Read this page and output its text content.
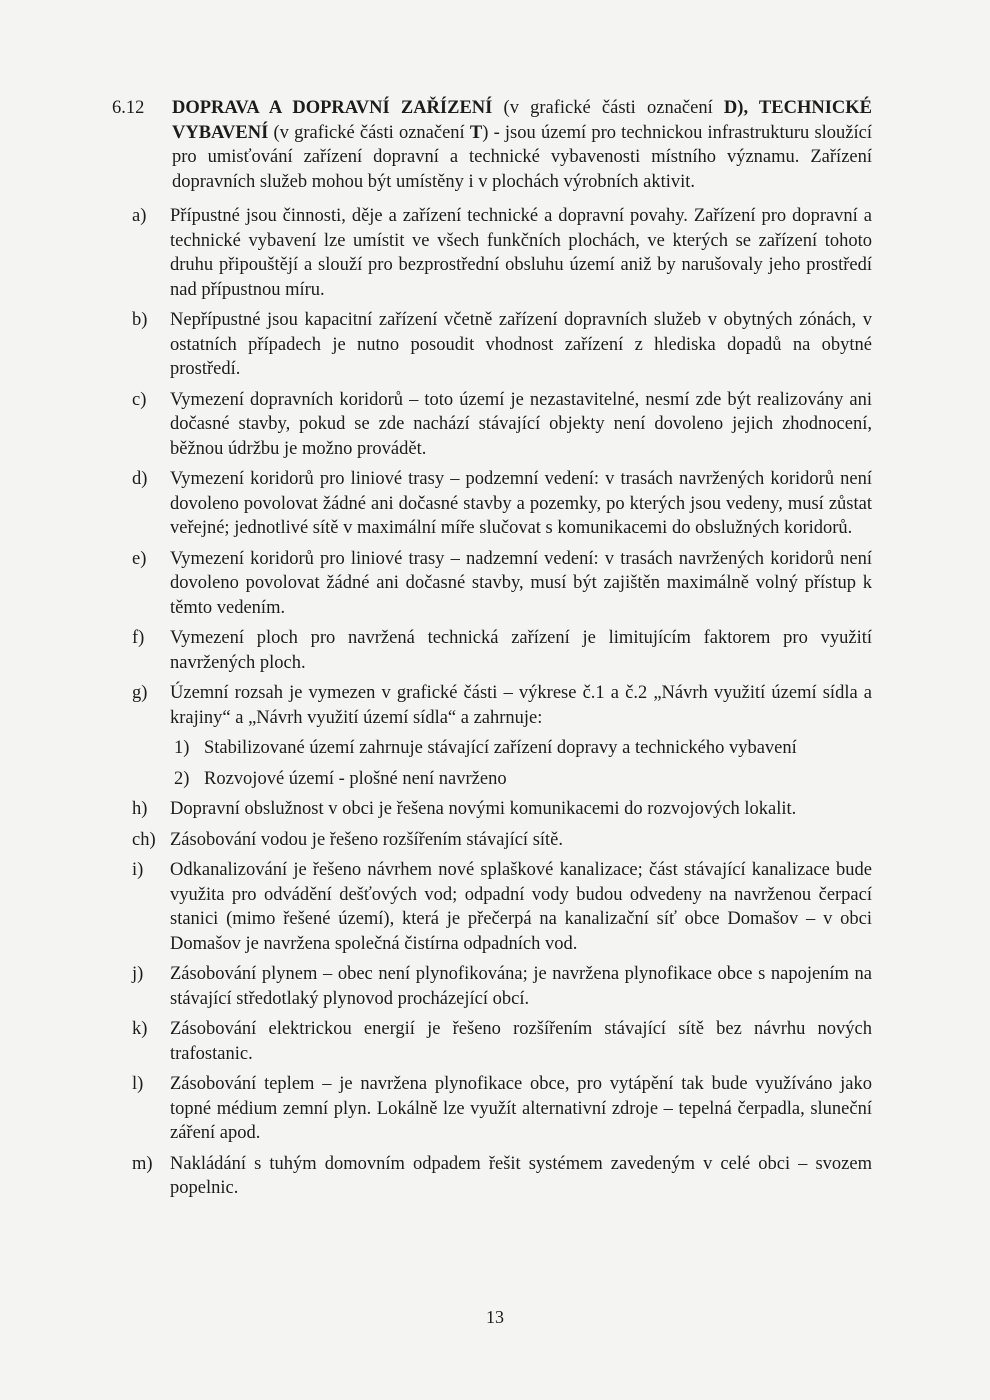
6.12	DOPRAVA A DOPRAVNÍ ZAŘÍZENÍ (v grafické části označení D), TECHNICKÉ VYBAVENÍ (v grafické části označení T) - jsou území pro technickou infrastrukturu sloužící pro umisťování zařízení dopravní a technické vybavenosti místního významu. Zařízení dopravních služeb mohou být umístěny i v plochách výrobních aktivit.
a)	Přípustné jsou činnosti, děje a zařízení technické a dopravní povahy. Zařízení pro dopravní a technické vybavení lze umístit ve všech funkčních plochách, ve kterých se zařízení tohoto druhu připouštějí a slouží pro bezprostřední obsluhu území aniž by narušovaly jeho prostředí nad přípustnou míru.
b)	Nepřípustné jsou kapacitní zařízení včetně zařízení dopravních služeb v obytných zónách, v ostatních případech je nutno posoudit vhodnost zařízení z hlediska dopadů na obytné prostředí.
c)	Vymezení dopravních koridorů – toto území je nezastavitelné, nesmí zde být realizovány ani dočasné stavby, pokud se zde nachází stávající objekty není dovoleno jejich zhodnocení, běžnou údržbu je možno provádět.
d)	Vymezení koridorů pro liniové trasy – podzemní vedení: v trasách navržených koridorů není dovoleno povolovat žádné ani dočasné stavby a pozemky, po kterých jsou vedeny, musí zůstat veřejné; jednotlivé sítě v maximální míře slučovat s komunikacemi do obslužných koridorů.
e)	Vymezení koridorů pro liniové trasy – nadzemní vedení: v trasách navržených koridorů není dovoleno povolovat žádné ani dočasné stavby, musí být zajištěn maximálně volný přístup k těmto vedením.
f)	Vymezení ploch pro navržená technická zařízení je limitujícím faktorem pro využití navržených ploch.
g)	Územní rozsah je vymezen v grafické části – výkrese č.1 a č.2 „Návrh využití území sídla a krajiny“ a „Návrh využití území sídla“ a zahrnuje:
1) Stabilizované území zahrnuje stávající zařízení dopravy a technického vybavení
2) Rozvojové území - plošné není navrženo
h)	Dopravní obslužnost v obci je řešena novými komunikacemi do rozvojových lokalit.
ch) Zásobování vodou je řešeno rozšířením stávající sítě.
i)	Odkanalizování je řešeno návrhem nové splaškové kanalizace; část stávající kanalizace bude využita pro odvádění dešťových vod; odpadní vody budou odvedeny na navrženou čerpací stanici (mimo řešené území), která je přečerpá na kanalizační síť obce Domašov – v obci Domašov je navržena společná čistírna odpadních vod.
j)	Zásobování plynem – obec není plynofikována; je navržena plynofikace obce s napojením na stávající středotlaký plynovod procházející obcí.
k)	Zásobování elektrickou energií je řešeno rozšířením stávající sítě bez návrhu nových trafostanic.
l)	Zásobování teplem – je navržena plynofikace obce, pro vytápění tak bude využíváno jako topné médium zemní plyn. Lokálně lze využít alternativní zdroje – tepelná čerpadla, sluneční záření apod.
m) Nakládání s tuhým domovním odpadem řešit systémem zavedeným v celé obci – svozem popelnic.
13
